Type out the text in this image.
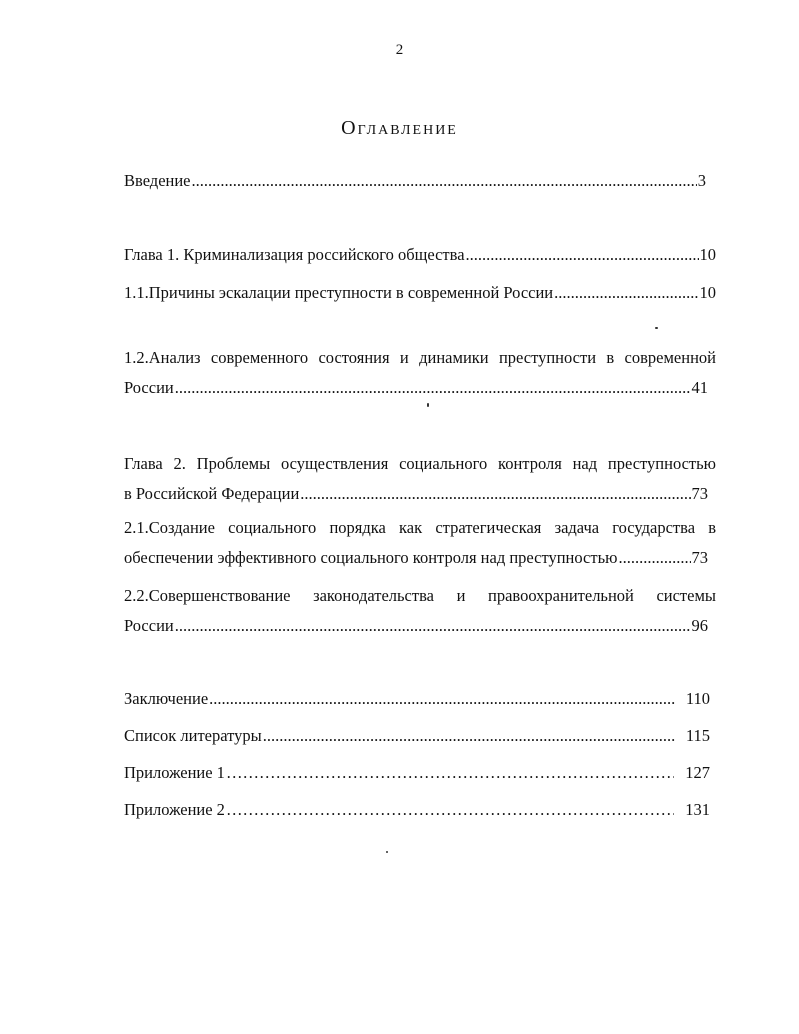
2
Оглавление
Введение .....	3
Глава 1. Криминализация российского общества .....	10
1.1.Причины эскалации преступности в современной России .....	10
1.2.Анализ современного состояния и динамики преступности в современной
России .....	41
Глава 2. Проблемы осуществления социального контроля над преступностью
в Российской Федерации .....	73
2.1.Создание социального порядка как стратегическая задача государства в
обеспечении эффективного социального контроля над преступностью .....	73
2.2.Совершенствование законодательства и правоохранительной системы
России .....	96
Заключение .....	110
Список литературы .....	115
Приложение 1 ……………………………………………………………………………………………………………………………………………………………	127
Приложение 2 ……………………………………………………………………………………………………………………………………………………………	131
